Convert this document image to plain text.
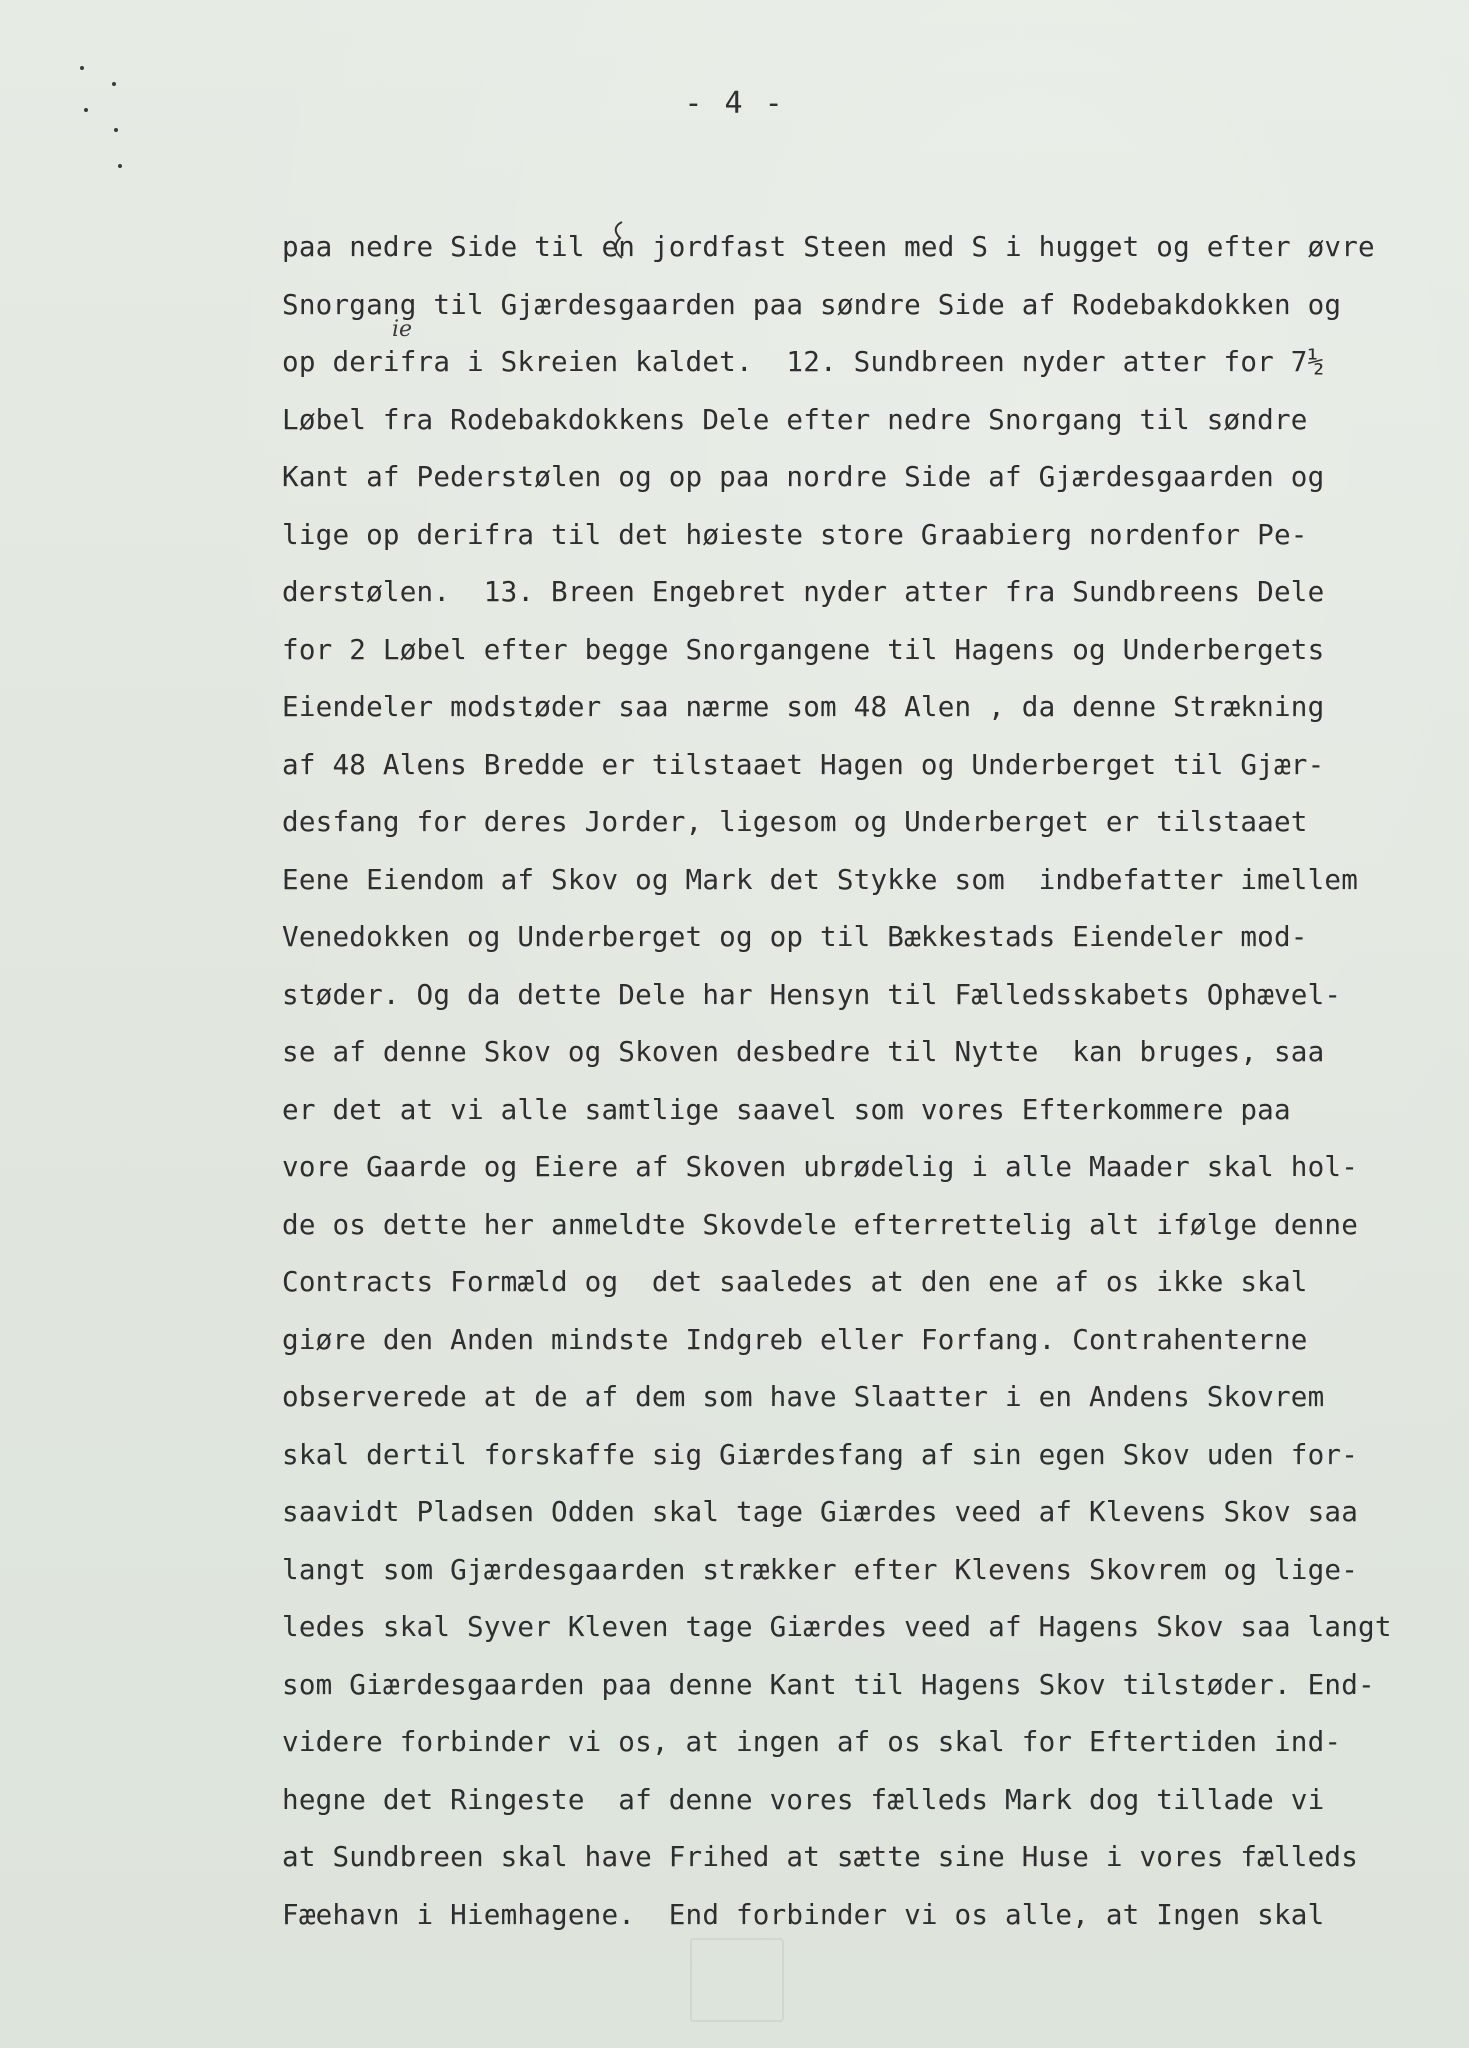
- 4 -
ie
paa nedre Side til en jordfast Steen med S i hugget og efter øvre
Snorgang til Gjærdesgaarden paa søndre Side af Rodebakdokken og
op derifra i Skreien kaldet.  12. Sundbreen nyder atter for 7½
Løbel fra Rodebakdokkens Dele efter nedre Snorgang til søndre
Kant af Pederstølen og op paa nordre Side af Gjærdesgaarden og
lige op derifra til det høieste store Graabierg nordenfor Pe-
derstølen.  13. Breen Engebret nyder atter fra Sundbreens Dele
for 2 Løbel efter begge Snorgangene til Hagens og Underbergets
Eiendeler modstøder saa nærme som 48 Alen , da denne Strækning
af 48 Alens Bredde er tilstaaet Hagen og Underberget til Gjær-
desfang for deres Jorder, ligesom og Underberget er tilstaaet
Eene Eiendom af Skov og Mark det Stykke som  indbefatter imellem
Venedokken og Underberget og op til Bækkestads Eiendeler mod-
støder. Og da dette Dele har Hensyn til Fælledsskabets Ophævel-
se af denne Skov og Skoven desbedre til Nytte  kan bruges, saa
er det at vi alle samtlige saavel som vores Efterkommere paa
vore Gaarde og Eiere af Skoven ubrødelig i alle Maader skal hol-
de os dette her anmeldte Skovdele efterrettelig alt ifølge denne
Contracts Formæld og  det saaledes at den ene af os ikke skal
giøre den Anden mindste Indgreb eller Forfang. Contrahenterne
observerede at de af dem som have Slaatter i en Andens Skovrem
skal dertil forskaffe sig Giærdesfang af sin egen Skov uden for-
saavidt Pladsen Odden skal tage Giærdes veed af Klevens Skov saa
langt som Gjærdesgaarden strækker efter Klevens Skovrem og lige-
ledes skal Syver Kleven tage Giærdes veed af Hagens Skov saa langt
som Giærdesgaarden paa denne Kant til Hagens Skov tilstøder. End-
videre forbinder vi os, at ingen af os skal for Eftertiden ind-
hegne det Ringeste  af denne vores fælleds Mark dog tillade vi
at Sundbreen skal have Frihed at sætte sine Huse i vores fælleds
Fæehavn i Hiemhagene.  End forbinder vi os alle, at Ingen skal
